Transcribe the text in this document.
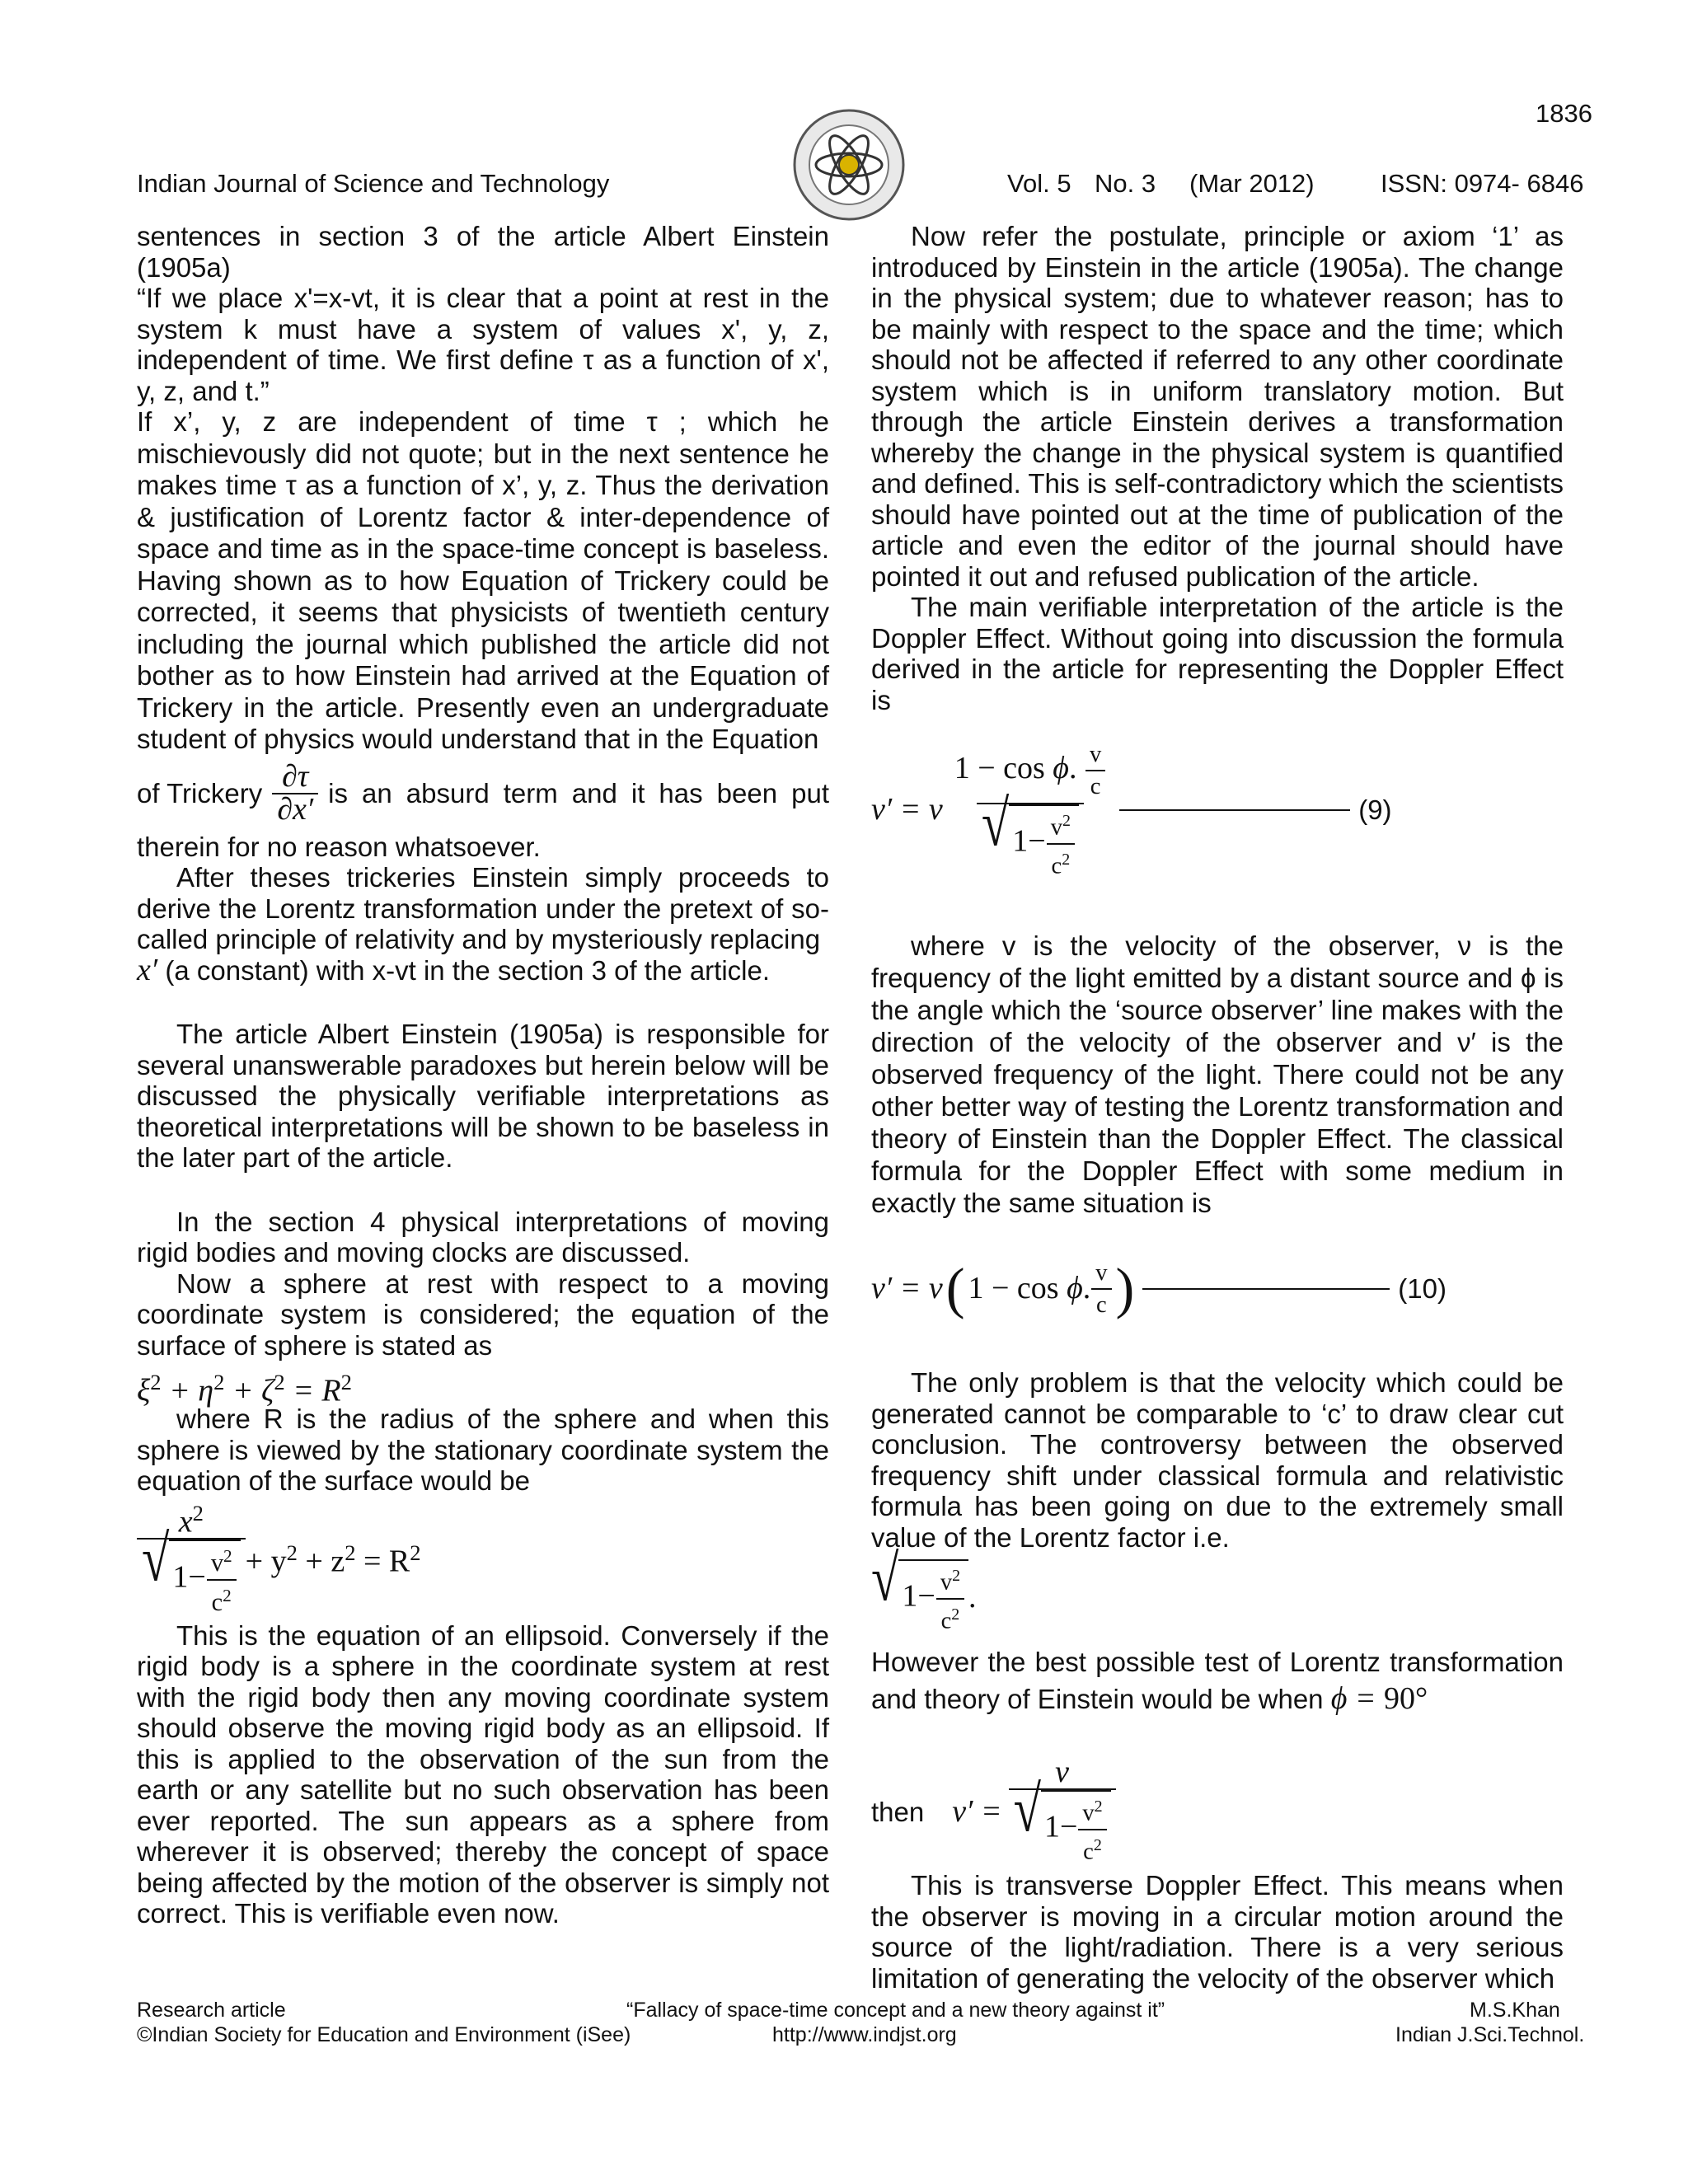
1836
Indian Journal of Science and Technology	Vol. 5 No. 3 (Mar 2012)	ISSN: 0974- 6846

sentences in section 3 of the article Albert Einstein (1905a)

“If we place x'=x-vt, it is clear that a point at rest in the system k must have a system of values x', y, z, independent of time. We first define τ as a function of x', y, z, and t.”

If x’, y, z are independent of time τ ; which he mischievously did not quote; but in the next sentence he makes time τ as a function of x’, y, z. Thus the derivation & justification of Lorentz factor & inter-dependence of space and time as in the space-time concept is baseless. Having shown as to how Equation of Trickery could be corrected, it seems that physicists of twentieth century including the journal which published the article did not bother as to how Einstein had arrived at the Equation of Trickery in the article. Presently even an undergraduate student of physics would understand that in the Equation

of Trickery $\frac{\partial\tau}{\partial x'}$ is an absurd term and it has been put

therein for no reason whatsoever.

After theses trickeries Einstein simply proceeds to derive the Lorentz transformation under the pretext of so-called principle of relativity and by mysteriously replacing

x′ (a constant) with x-vt in the section 3 of the article.

The article Albert Einstein (1905a) is responsible for several unanswerable paradoxes but herein below will be discussed the physically verifiable interpretations as theoretical interpretations will be shown to be baseless in the later part of the article.

In the section 4 physical interpretations of moving rigid bodies and moving clocks are discussed.

Now a sphere at rest with respect to a moving coordinate system is considered; the equation of the surface of sphere is stated as

$\xi^2 + \eta^2 + \zeta^2 = R^2$

where R is the radius of the sphere and when this sphere is viewed by the stationary coordinate system the equation of the surface would be

$\frac{x^2}{√ 1- \frac{v^2}{c^2}} + y^2 + z^2 = R^2$

This is the equation of an ellipsoid. Conversely if the rigid body is a sphere in the coordinate system at rest with the rigid body then any moving coordinate system should observe the moving rigid body as an ellipsoid. If this is applied to the observation of the sun from the earth or any satellite but no such observation has been ever reported. The sun appears as a sphere from wherever it is observed; thereby the concept of space being affected by the motion of the observer is simply not correct. This is verifiable even now.

Now refer the postulate, principle or axiom ‘1’ as introduced by Einstein in the article (1905a). The change in the physical system; due to whatever reason; has to be mainly with respect to the space and the time; which should not be affected if referred to any other coordinate system which is in uniform translatory motion. But through the article Einstein derives a transformation whereby the change in the physical system is quantified and defined. This is self-contradictory which the scientists should have pointed out at the time of publication of the article and even the editor of the journal should have pointed it out and refused publication of the article.

The main verifiable interpretation of the article is the Doppler Effect. Without going into discussion the formula derived in the article for representing the Doppler Effect is

ν′ = ν $\frac{1 - \cos \phi. \frac{v}{c}}{√ 1- \frac{v^2}{c^2}}$	(9)

where v is the velocity of the observer, ν is the frequency of the light emitted by a distant source and ϕ is the angle which the ‘source observer’ line makes with the direction of the velocity of the observer and ν′ is the observed frequency of the light. There could not be any other better way of testing the Lorentz transformation and theory of Einstein than the Doppler Effect. The classical formula for the Doppler Effect with some medium in exactly the same situation is

ν′ = ν ( 1 − cos ϕ. $\frac{v}{c}$ )	(10)

The only problem is that the velocity which could be generated cannot be comparable to ‘c’ to draw clear cut conclusion. The controversy between the observed frequency shift under classical formula and relativistic formula has been going on due to the extremely small value of the Lorentz factor i.e.

√ $1- \frac{v^2}{c^2}$ .

However the best possible test of Lorentz transformation and theory of Einstein would be when ϕ = 90°

then $\nu' = \frac{\nu}{√ 1- \frac{v^2}{c^2}}$

This is transverse Doppler Effect. This means when the observer is moving in a circular motion around the source of the light/radiation. There is a very serious limitation of generating the velocity of the observer which

Research article	“Fallacy of space-time concept and a new theory against it”	M.S.Khan
©Indian Society for Education and Environment (iSee)	http://www.indjst.org	Indian J.Sci.Technol.
